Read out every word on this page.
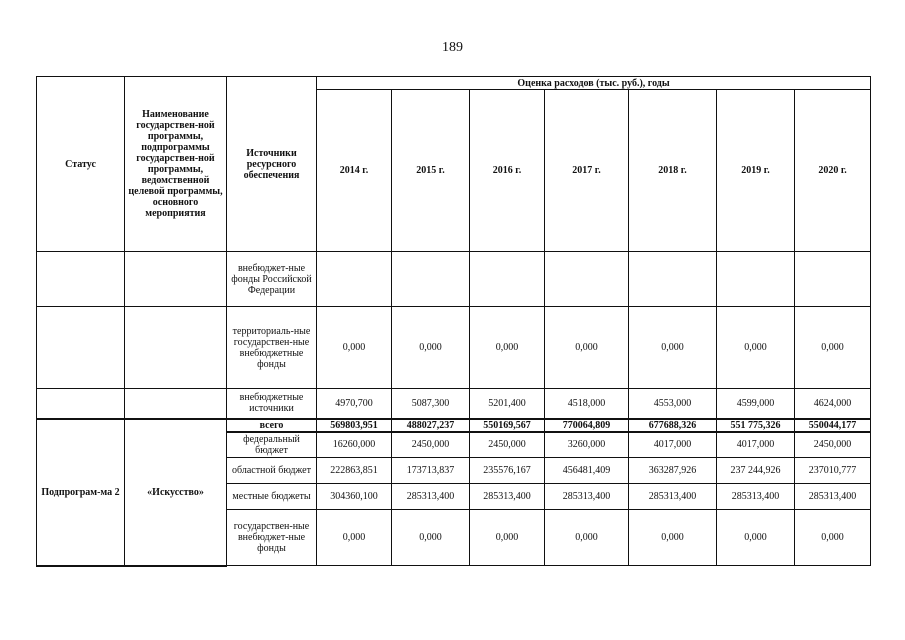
189
Статус	Наименование государствен-ной программы, подпрограммы государствен-ной программы, ведомственной целевой программы, основного мероприятия	Источники ресурсного обеспечения	Оценка расходов (тыс. руб.), годы						
			2014 г.	2015 г.	2016 г.	2017 г.	2018 г.	2019 г.	2020 г.
		внебюджет-ные фонды Российской Федерации							
		территориаль-ные государствен-ные внебюджетные фонды	0,000	0,000	0,000	0,000	0,000	0,000	0,000
		внебюджетные источники	4970,700	5087,300	5201,400	4518,000	4553,000	4599,000	4624,000
Подпрограм-ма 2	«Искусство»	всего	569803,951	488027,237	550169,567	770064,809	677688,326	551 775,326	550044,177
		федеральный бюджет	16260,000	2450,000	2450,000	3260,000	4017,000	4017,000	2450,000
		областной бюджет	222863,851	173713,837	235576,167	456481,409	363287,926	237 244,926	237010,777
		местные бюджеты	304360,100	285313,400	285313,400	285313,400	285313,400	285313,400	285313,400
		государствен-ные внебюджет-ные фонды	0,000	0,000	0,000	0,000	0,000	0,000	0,000
